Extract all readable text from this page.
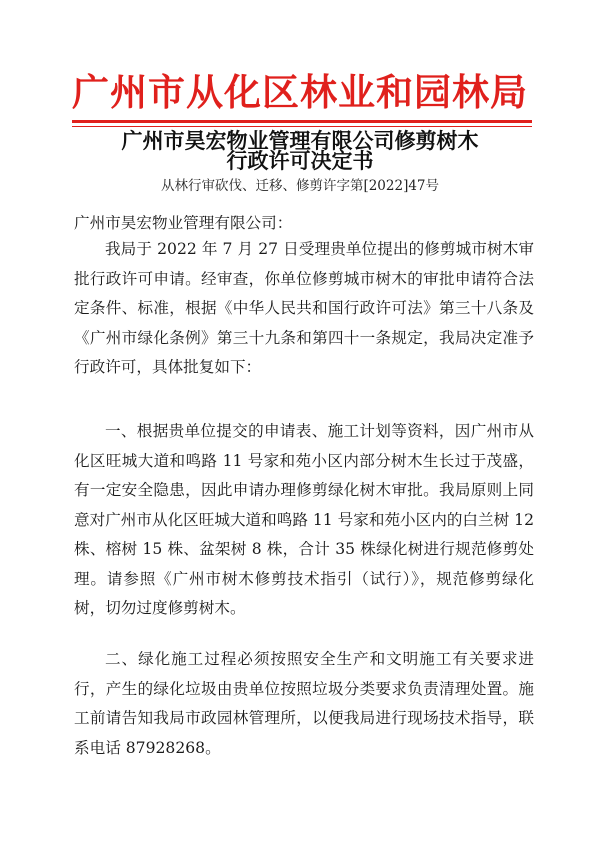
广州市从化区林业和园林局
广州市昊宏物业管理有限公司修剪树木
行政许可决定书
从林行审砍伐、迁移、修剪许字第[2022]47号
广州市昊宏物业管理有限公司：

我局于 2022 年 7 月 27 日受理贵单位提出的修剪城市树木审批行政许可申请。经审查，你单位修剪城市树木的审批申请符合法定条件、标准，根据《中华人民共和国行政许可法》第三十八条及《广州市绿化条例》第三十九条和第四十一条规定，我局决定准予行政许可，具体批复如下：

一、根据贵单位提交的申请表、施工计划等资料，因广州市从化区旺城大道和鸣路 11 号家和苑小区内部分树木生长过于茂盛，有一定安全隐患，因此申请办理修剪绿化树木审批。我局原则上同意对广州市从化区旺城大道和鸣路 11 号家和苑小区内的白兰树 12 株、榕树 15 株、盆架树 8 株，合计 35 株绿化树进行规范修剪处理。请参照《广州市树木修剪技术指引（试行）》，规范修剪绿化树，切勿过度修剪树木。

二、绿化施工过程必须按照安全生产和文明施工有关要求进行，产生的绿化垃圾由贵单位按照垃圾分类要求负责清理处置。施工前请告知我局市政园林管理所，以便我局进行现场技术指导，联系电话 87928268。
